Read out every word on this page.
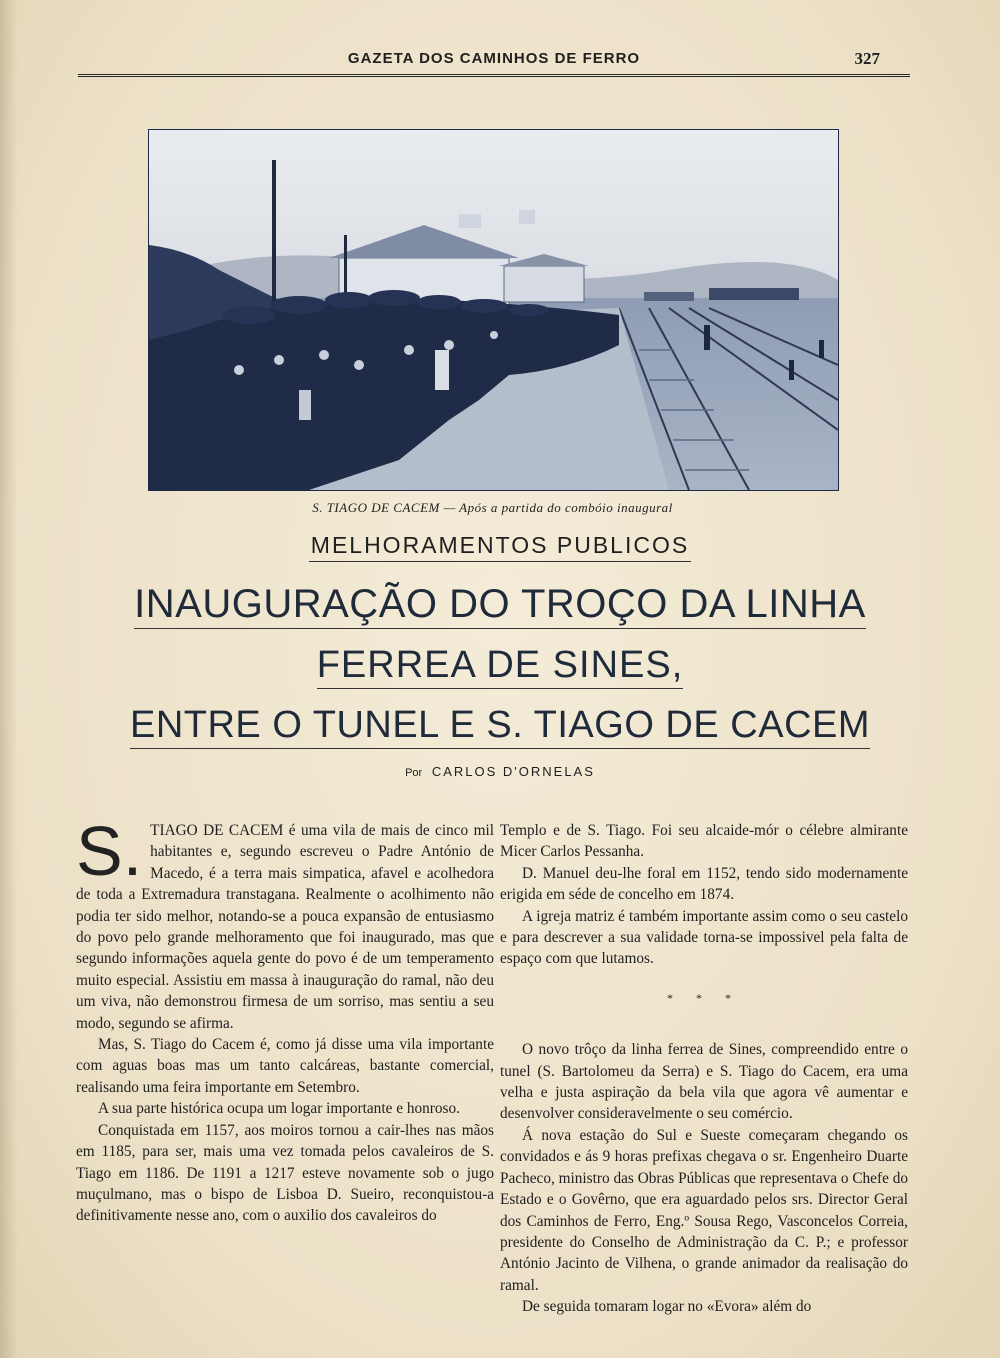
GAZETA DOS CAMINHOS DE FERRO	327
S. TIAGO DE CACEM — Após a partida do combóio inaugural
MELHORAMENTOS PUBLICOS
INAUGURAÇÃO DO TROÇO DA LINHA
FERREA DE SINES,
ENTRE O TUNEL E S. TIAGO DE CACEM
Por CARLOS D'ORNELAS

S. TIAGO DE CACEM é uma vila de mais de cinco mil habitantes e, segundo escreveu o Padre António de Macedo, é a terra mais simpatica, afavel e acolhedora de toda a Extremadura transtagana. Realmente o acolhimento não podia ter sido melhor, notando-se a pouca expansão de entusiasmo do povo pelo grande melhoramento que foi inaugurado, mas que segundo informações aquela gente do povo é de um temperamento muito especial. Assistiu em massa à inauguração do ramal, não deu um viva, não demonstrou firmesa de um sorriso, mas sentiu a seu modo, segundo se afirma.

Mas, S. Tiago do Cacem é, como já disse uma vila importante com aguas boas mas um tanto calcáreas, bastante comercial, realisando uma feira importante em Setembro.

A sua parte histórica ocupa um logar importante e honroso.

Conquistada em 1157, aos moiros tornou a cair-lhes nas mãos em 1185, para ser, mais uma vez tomada pelos cavaleiros de S. Tiago em 1186. De 1191 a 1217 esteve novamente sob o jugo muçulmano, mas o bispo de Lisboa D. Sueiro, reconquistou-a definitivamente nesse ano, com o auxilio dos cavaleiros do

Templo e de S. Tiago. Foi seu alcaide-mór o célebre almirante Micer Carlos Pessanha.

D. Manuel deu-lhe foral em 1152, tendo sido modernamente erigida em séde de concelho em 1874.

A igreja matriz é também importante assim como o seu castelo e para descrever a sua validade torna-se impossivel pela falta de espaço com que lutamos.

* * *

O novo trôço da linha ferrea de Sines, compreendido entre o tunel (S. Bartolomeu da Serra) e S. Tiago do Cacem, era uma velha e justa aspiração da bela vila que agora vê aumentar e desenvolver consideravelmente o seu comércio.

Á nova estação do Sul e Sueste começaram chegando os convidados e ás 9 horas prefixas chegava o sr. Engenheiro Duarte Pacheco, ministro das Obras Públicas que representava o Chefe do Estado e o Govêrno, que era aguardado pelos srs. Director Geral dos Caminhos de Ferro, Eng.º Sousa Rego, Vasconcelos Correia, presidente do Conselho de Administração da C. P.; e professor António Jacinto de Vilhena, o grande animador da realisação do ramal.

De seguida tomaram logar no «Evora» além do
